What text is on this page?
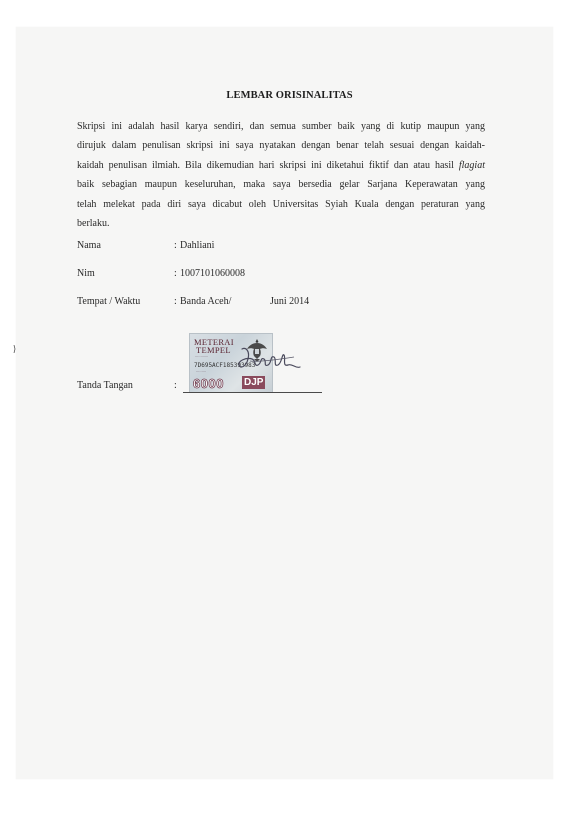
LEMBAR ORISINALITAS
Skripsi ini adalah hasil karya sendiri, dan semua sumber baik yang di kutip maupun yang
dirujuk dalam penulisan skripsi ini saya nyatakan dengan benar telah sesuai dengan kaidah-
kaidah penulisan ilmiah. Bila dikemudian hari skripsi ini diketahui fiktif dan atau hasil flagiat
baik sebagian maupun keseluruhan, maka saya bersedia gelar Sarjana Keperawatan yang
telah melekat pada diri saya dicabut oleh Universitas Syiah Kuala dengan peraturan yang
berlaku.
Nama	: Dahliani
Nim	: 1007101060008
Tempat / Waktu	: Banda Aceh/	Juni 2014
METERAI
TEMPEL
············
7D695ACF185393983
·········
6000 DJP
Tanda Tangan	:
